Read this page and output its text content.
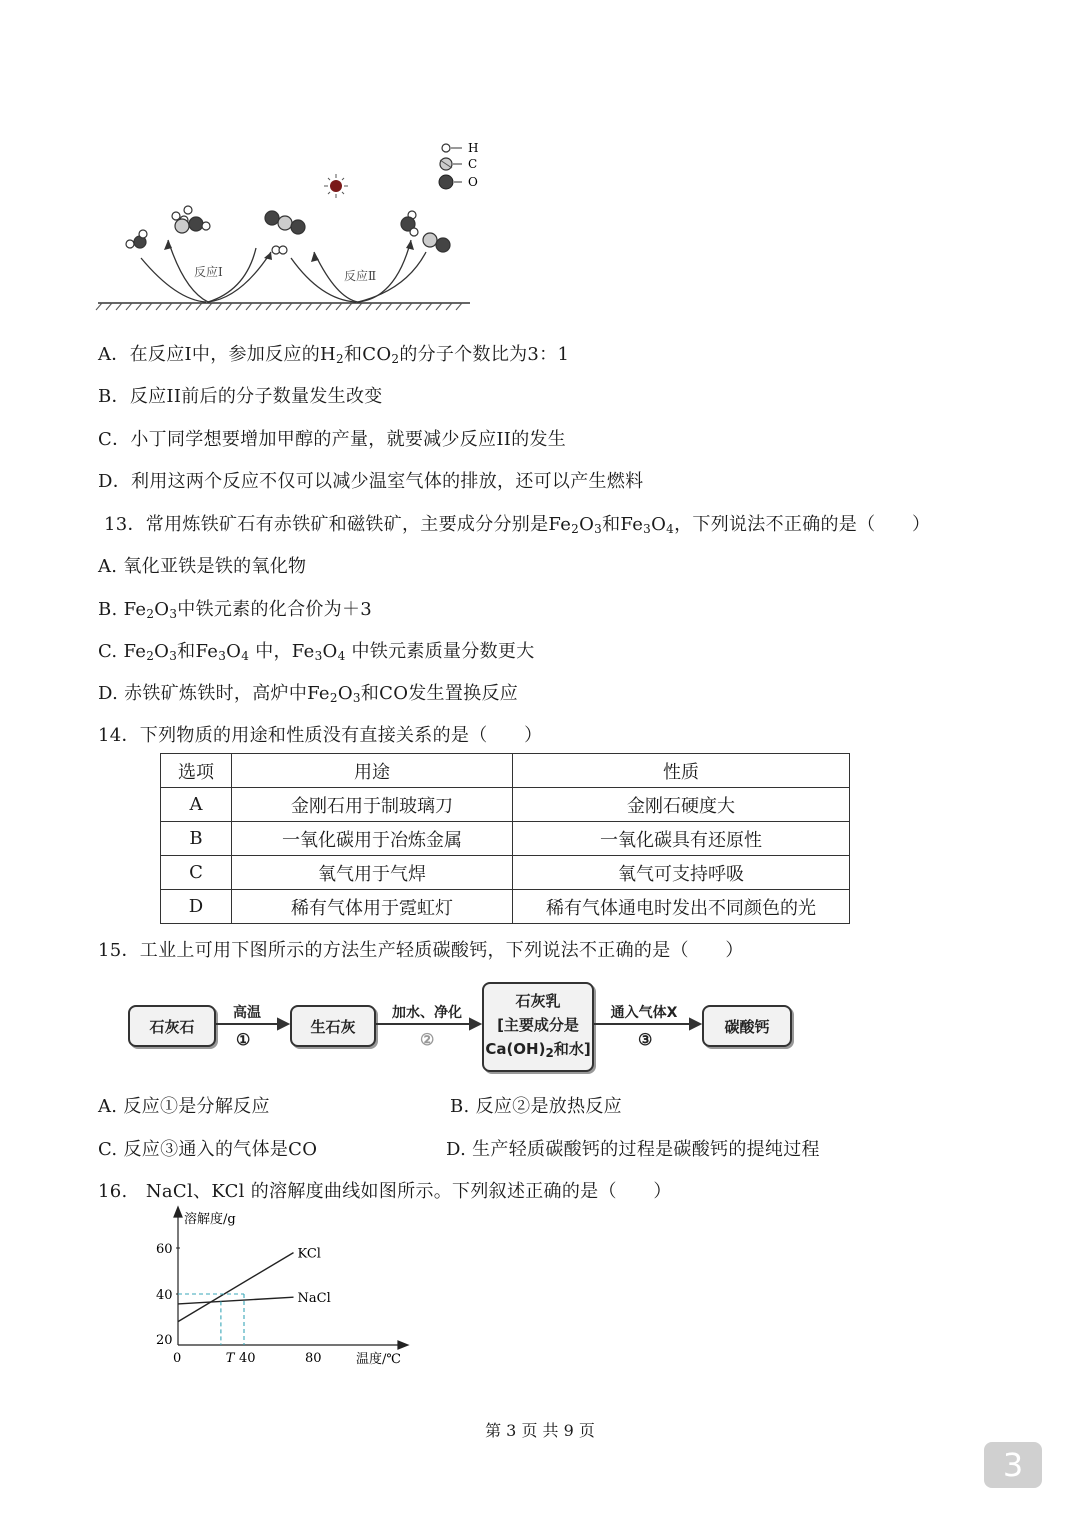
H
C
O
反应I	反应Ⅱ
A．在反应I中，参加反应的$H_2$和$CO_2$的分子个数比为3：1
B．反应II前后的分子数量发生改变
C．小丁同学想要增加甲醇的产量，就要减少反应II的发生
D．利用这两个反应不仅可以减少温室气体的排放，还可以产生燃料
13．常用炼铁矿石有赤铁矿和磁铁矿，主要成分分别是$Fe_2O_3$和$Fe_3O_4$，下列说法不正确的是（　　）
A. 氧化亚铁是铁的氧化物
B. $Fe_2O_3$中铁元素的化合价为＋3
C. $Fe_2O_3$和$Fe_3O_4$ 中，$Fe_3O_4$ 中铁元素质量分数更大
D. 赤铁矿炼铁时，高炉中$Fe_2O_3$和CO发生置换反应
14．下列物质的用途和性质没有直接关系的是（　　）
选项	用途	性质
A	金刚石用于制玻璃刀	金刚石硬度大
B	一氧化碳用于冶炼金属	一氧化碳具有还原性
C	氧气用于气焊	氧气可支持呼吸
D	稀有气体用于霓虹灯	稀有气体通电时发出不同颜色的光
15．工业上可用下图所示的方法生产轻质碳酸钙，下列说法不正确的是（　　）
石灰石	生石灰
石灰乳
[主要成分是
$Ca(OH)_2$和水]
碳酸钙
高温
①
加水、净化
②
通入气体X
③
A. 反应①是分解反应	B. 反应②是放热反应
C. 反应③通入的气体是CO	D. 生产轻质碳酸钙的过程是碳酸钙的提纯过程
16.　NaCl、KCl 的溶解度曲线如图所示。下列叙述正确的是（　　）
溶解度/g
温度/℃
20
40
60
0	T 40	80
KCl
NaCl
第 3 页 共 9 页
3
